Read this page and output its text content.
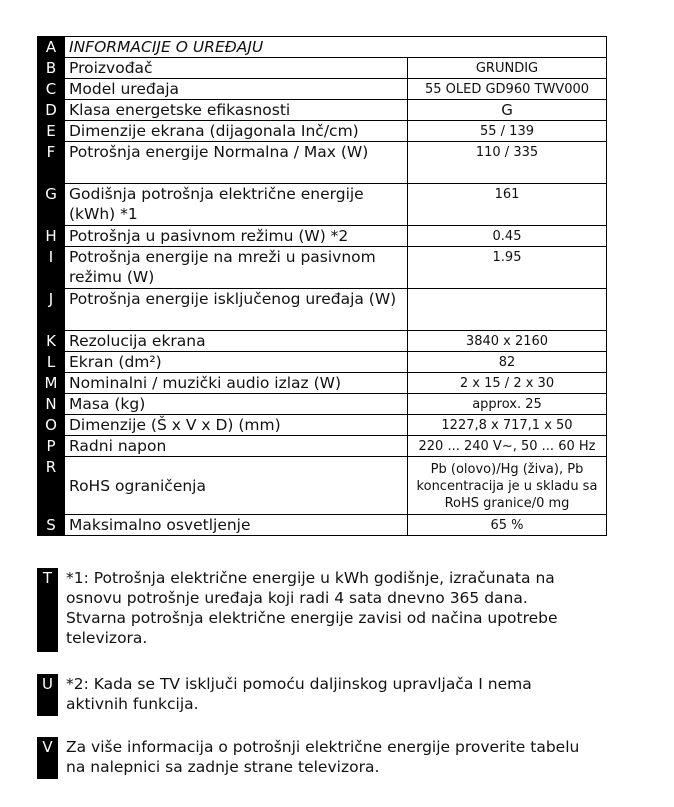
A	INFORMACIJE O UREĐAJU	
B	Proizvođač	GRUNDIG
C	Model uređaja	55 OLED GD960 TWV000
D	Klasa energetske efikasnosti	G
E	Dimenzije ekrana (dijagonala Inč/cm)	55 / 139
F	Potrošnja energije Normalna / Max (W)	110 / 335
G	Godišnja potrošnja električne energije (kWh) *1	161
H	Potrošnja u pasivnom režimu (W) *2	0.45
I	Potrošnja energije na mreži u pasivnom režimu (W)	1.95
J	Potrošnja energije isključenog uređaja (W)	
K	Rezolucija ekrana	3840 x 2160
L	Ekran (dm²)	82
M	Nominalni / muzički audio izlaz (W)	2 x 15 / 2 x 30
N	Masa (kg)	approx. 25
O	Dimenzije (Š x V x D) (mm)	1227,8 x 717,1 x 50
P	Radni napon	220 ... 240 V~, 50 ... 60 Hz
R	RoHS ograničenja	Pb (olovo)/Hg (živa), Pb koncentracija je u skladu sa RoHS granice/0 mg
S	Maksimalno osvetljenje	65 %
T *1: Potrošnja električne energije u kWh godišnje, izračunata na osnovu potrošnje uređaja koji radi 4 sata dnevno 365 dana. Stvarna potrošnja električne energije zavisi od načina upotrebe televizora.
U *2: Kada se TV isključi pomoću daljinskog upravljača I nema aktivnih funkcija.
V Za više informacija o potrošnji električne energije proverite tabelu na nalepnici sa zadnje strane televizora.
